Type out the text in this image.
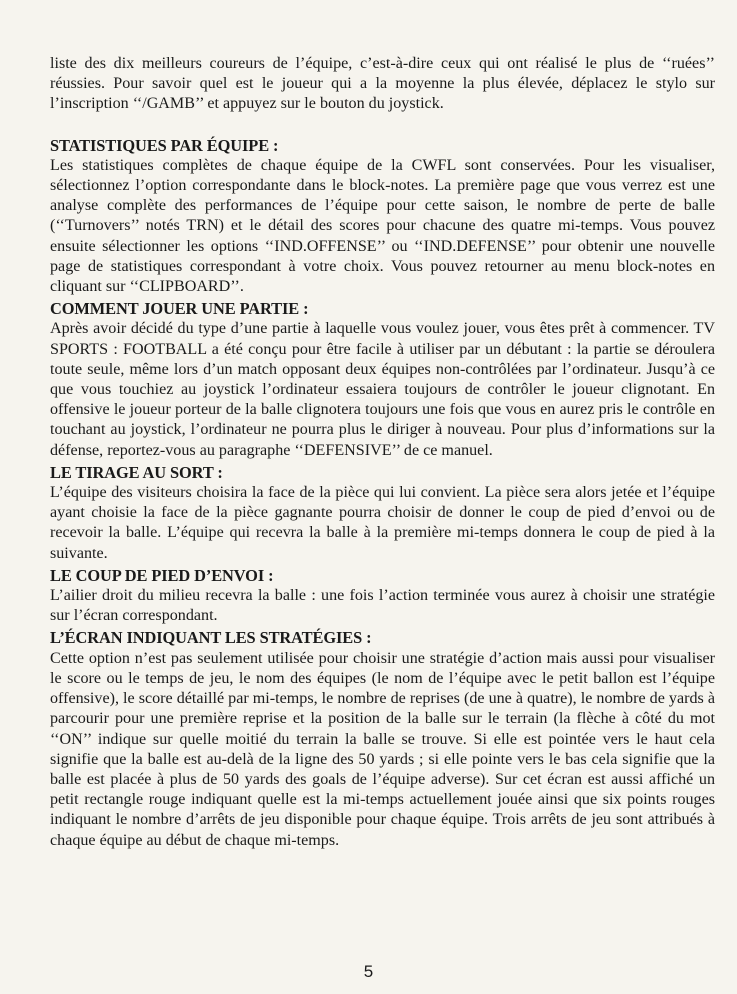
liste des dix meilleurs coureurs de l’équipe, c’est-à-dire ceux qui ont réalisé le plus de ‘‘ruées’’ réussies. Pour savoir quel est le joueur qui a la moyenne la plus élevée, déplacez le stylo sur l’inscription ‘‘/GAMB’’ et appuyez sur le bouton du joystick.

STATISTIQUES PAR ÉQUIPE :

Les statistiques complètes de chaque équipe de la CWFL sont conservées. Pour les visualiser, sélectionnez l’option correspondante dans le block-notes. La première page que vous verrez est une analyse complète des performances de l’équipe pour cette saison, le nombre de perte de balle (‘‘Turnovers’’ notés TRN) et le détail des scores pour chacune des quatre mi-temps. Vous pouvez ensuite sélectionner les options ‘‘IND.OFFENSE’’ ou ‘‘IND.DEFENSE’’ pour obtenir une nouvelle page de statistiques correspondant à votre choix. Vous pouvez retourner au menu block-notes en cliquant sur ‘‘CLIPBOARD’’.

COMMENT JOUER UNE PARTIE :

Après avoir décidé du type d’une partie à laquelle vous voulez jouer, vous êtes prêt à commencer. TV SPORTS : FOOTBALL a été conçu pour être facile à utiliser par un débutant : la partie se déroulera toute seule, même lors d’un match opposant deux équipes non-contrôlées par l’ordinateur. Jusqu’à ce que vous touchiez au joystick l’ordinateur essaiera toujours de contrôler le joueur clignotant. En offensive le joueur porteur de la balle clignotera toujours une fois que vous en aurez pris le contrôle en touchant au joystick, l’ordinateur ne pourra plus le diriger à nouveau. Pour plus d’informations sur la défense, reportez-vous au paragraphe ‘‘DEFENSIVE’’ de ce manuel.

LE TIRAGE AU SORT :

L’équipe des visiteurs choisira la face de la pièce qui lui convient. La pièce sera alors jetée et l’équipe ayant choisie la face de la pièce gagnante pourra choisir de donner le coup de pied d’envoi ou de recevoir la balle. L’équipe qui recevra la balle à la première mi-temps donnera le coup de pied à la suivante.

LE COUP DE PIED D’ENVOI :

L’ailier droit du milieu recevra la balle : une fois l’action terminée vous aurez à choisir une stratégie sur l’écran correspondant.

L’ÉCRAN INDIQUANT LES STRATÉGIES :

Cette option n’est pas seulement utilisée pour choisir une stratégie d’action mais aussi pour visualiser le score ou le temps de jeu, le nom des équipes (le nom de l’équipe avec le petit ballon est l’équipe offensive), le score détaillé par mi-temps, le nombre de reprises (de une à quatre), le nombre de yards à parcourir pour une première reprise et la position de la balle sur le terrain (la flèche à côté du mot ‘‘ON’’ indique sur quelle moitié du terrain la balle se trouve. Si elle est pointée vers le haut cela signifie que la balle est au-delà de la ligne des 50 yards ; si elle pointe vers le bas cela signifie que la balle est placée à plus de 50 yards des goals de l’équipe adverse). Sur cet écran est aussi affiché un petit rectangle rouge indiquant quelle est la mi-temps actuellement jouée ainsi que six points rouges indiquant le nombre d’arrêts de jeu disponible pour chaque équipe. Trois arrêts de jeu sont attribués à chaque équipe au début de chaque mi-temps.

5
